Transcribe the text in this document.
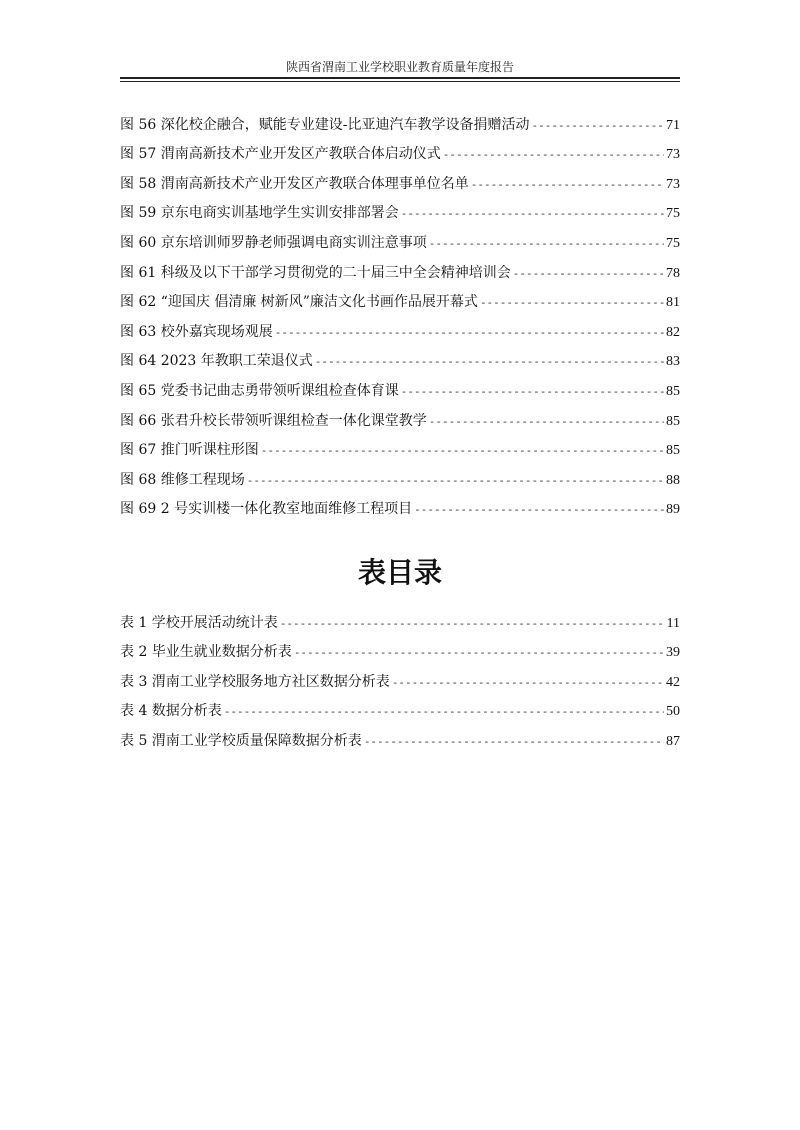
陕西省渭南工业学校职业教育质量年度报告
图 56 深化校企融合，赋能专业建设-比亚迪汽车教学设备捐赠活动 -----	71
图 57 渭南高新技术产业开发区产教联合体启动仪式 -----	73
图 58 渭南高新技术产业开发区产教联合体理事单位名单 -----	73
图 59 京东电商实训基地学生实训安排部署会 -----	75
图 60 京东培训师罗静老师强调电商实训注意事项 -----	75
图 61 科级及以下干部学习贯彻党的二十届三中全会精神培训会 -----	78
图 62 “迎国庆 倡清廉 树新风”廉洁文化书画作品展开幕式 -----	81
图 63 校外嘉宾现场观展 -----	82
图 64 2023 年教职工荣退仪式 -----	83
图 65 党委书记曲志勇带领听课组检查体育课 -----	85
图 66 张君升校长带领听课组检查一体化课堂教学 -----	85
图 67 推门听课柱形图 -----	85
图 68 维修工程现场 -----	88
图 69 2 号实训楼一体化教室地面维修工程项目 -----	89
表目录
表 1 学校开展活动统计表 -----	11
表 2 毕业生就业数据分析表 -----	39
表 3 渭南工业学校服务地方社区数据分析表 -----	42
表 4 数据分析表 -----	50
表 5 渭南工业学校质量保障数据分析表 -----	87
